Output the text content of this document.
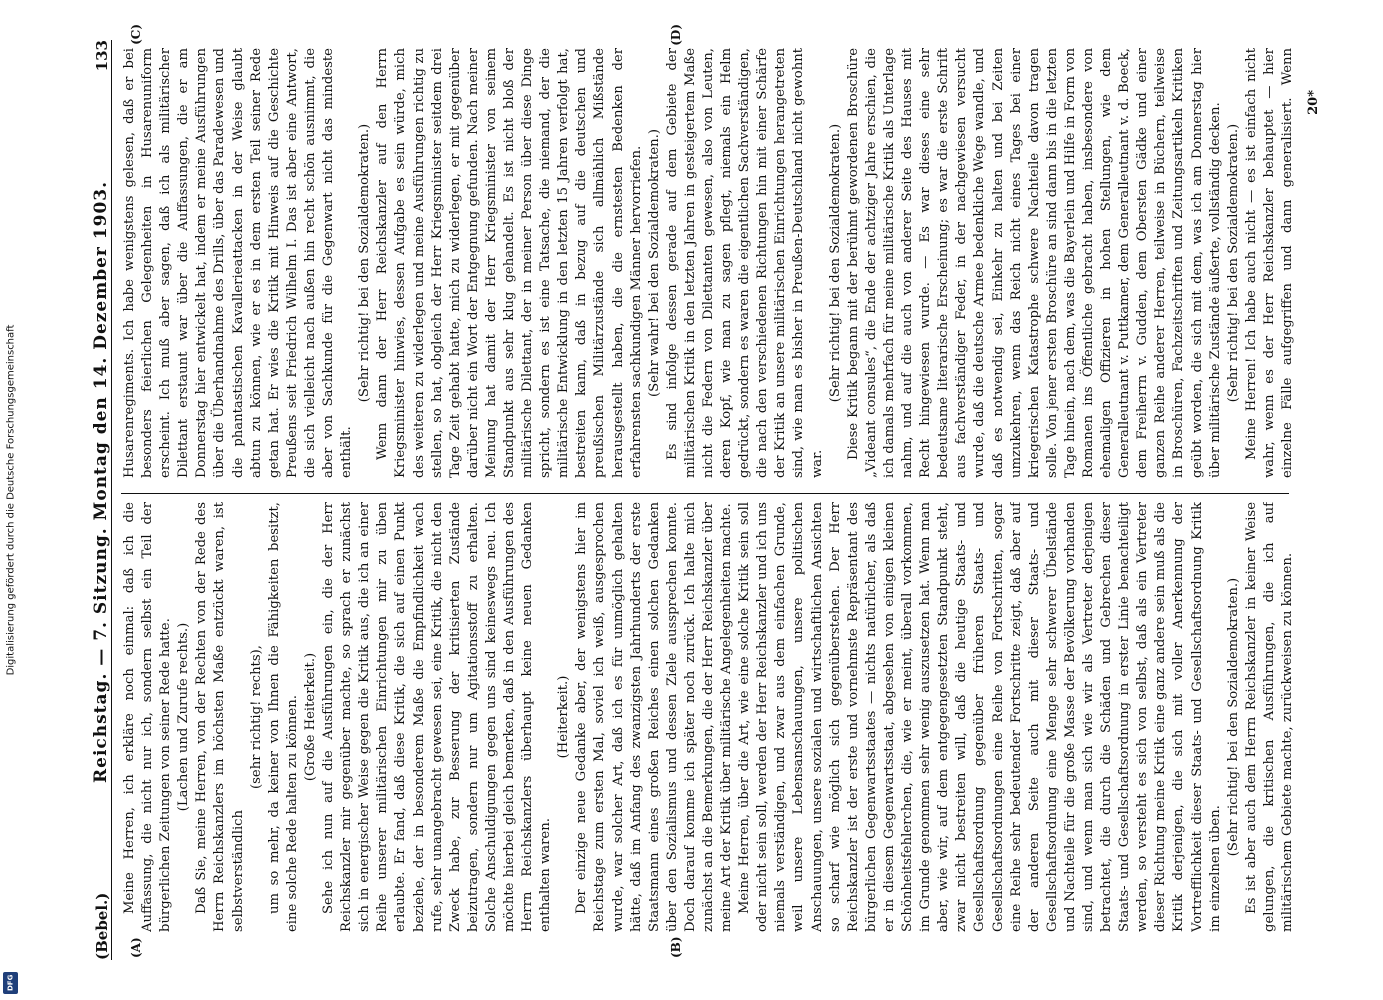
Digitalisierung gefördert durch die Deutsche Forschungsgemeinschaft
DFG
(Bebel.)
Reichstag. — 7. Sitzung. Montag den 14. Dezember 1903.
133
(A)	(B)
(C)	(D)

Meine Herren, ich erkläre noch einmal: daß ich die Auffassung, die nicht nur ich, sondern selbst ein Teil der bürgerlichen Zeitungen von seiner Rede hatte. (Lachen und Zurufe rechts.) Daß Sie, meine Herren, von der Rechten von der Rede des Herrn Reichskanzlers im höchsten Maße entzückt waren, ist selbstverständlich

(sehr richtig! rechts), um so mehr, da keiner von Ihnen die Fähigkeiten besitzt, eine solche Rede halten zu können. (Große Heiterkeit.) Sehe ich nun auf die Ausführungen ein, die der Herr Reichskanzler mir gegenüber machte, so sprach er zunächst sich in energischer Weise gegen die Kritik aus, die ich an einer Reihe unserer militärischen Einrichtungen mir zu üben erlaubte. Er fand, daß diese Kritik, die sich auf einen Punkt beziehe, der in besonderem Maße die Empfindlichkeit wach rufe, sehr unangebracht gewesen sei, eine Kritik, die nicht den Zweck habe, zur Besserung der kritisierten Zustände beizutragen, sondern nur um Agitationsstoff zu erhalten. Solche Anschuldigungen gegen uns sind keineswegs neu. Ich möchte hierbei gleich bemerken, daß in den Ausführungen des Herrn Reichskanzlers überhaupt keine neuen Gedanken enthalten waren.

(Heiterkeit.) Der einzige neue Gedanke aber, der wenigstens hier im Reichstage zum ersten Mal, soviel ich weiß, ausgesprochen wurde, war solcher Art, daß ich es für unmöglich gehalten hätte, daß im Anfang des zwanzigsten Jahrhunderts der erste Staatsmann eines großen Reiches einen solchen Gedanken über den Sozialismus und dessen Ziele aussprechen konnte. Doch darauf komme ich später noch zurück. Ich halte mich zunächst an die Bemerkungen, die der Herr Reichskanzler über meine Art der Kritik über militärische Angelegenheiten machte. Meine Herren, über die Art, wie eine solche Kritik sein soll oder nicht sein soll, werden der Herr Reichskanzler und ich uns niemals verständigen, und zwar aus dem einfachen Grunde, weil unsere Lebensanschauungen, unsere politischen Anschauungen, unsere sozialen und wirtschaftlichen Ansichten so scharf wie möglich sich gegenüberstehen. Der Herr Reichskanzler ist der erste und vornehmste Repräsentant des bürgerlichen Gegenwartsstaates — nichts natürlicher, als daß er in diesem Gegenwartsstaat, abgesehen von einigen kleinen Schönheitsfehlerchen, die, wie er meint, überall vorkommen, im Grunde genommen sehr wenig auszusetzen hat. Wenn man aber, wie wir, auf dem entgegengesetzten Standpunkt steht, zwar nicht bestreiten will, daß die heutige Staats- und Gesellschaftsordnung gegenüber früheren Staats- und Gesellschaftsordnungen eine Reihe von Fortschritten, sogar eine Reihe sehr bedeutender Fortschritte zeigt, daß aber auf der anderen Seite auch mit dieser Staats- und Gesellschaftsordnung eine Menge sehr schwerer Übelstände und Nachteile für die große Masse der Bevölkerung vorhanden sind, und wenn man sich wie wir als Vertreter derjenigen betrachtet, die durch die Schäden und Gebrechen dieser Staats- und Gesellschaftsordnung in erster Linie benachteiligt werden, so versteht es sich von selbst, daß als ein Vertreter dieser Richtung meine Kritik eine ganz andere sein muß als die Kritik derjenigen, die sich mit voller Anerkennung der Vortrefflichkeit dieser Staats- und Gesellschaftsordnung Kritik im einzelnen üben.

(Sehr richtig! bei den Sozialdemokraten.) Es ist aber auch dem Herrn Reichskanzler in keiner Weise gelungen, die kritischen Ausführungen, die ich auf militärischem Gebiete machte, zurückweisen zu können.

Husarenregiments. Ich habe wenigstens gelesen, daß er bei besonders feierlichen Gelegenheiten in Husarenuniform erscheint. Ich muß aber sagen, daß ich als militärischer Dilettant erstaunt war über die Auffassungen, die er am Donnerstag hier entwickelt hat, indem er meine Ausführungen über die Überhandnahme des Drills, über das Paradewesen und die phantastischen Kavallerieattacken in der Weise glaubt abtun zu können, wie er es in dem ersten Teil seiner Rede getan hat. Er wies die Kritik mit Hinweis auf die Geschichte Preußens seit Friedrich Wilhelm I. Das ist aber eine Antwort, die sich vielleicht nach außen hin recht schön ausnimmt, die aber von Sachkunde für die Gegenwart nicht das mindeste enthält.

(Sehr richtig! bei den Sozialdemokraten.) Wenn dann der Herr Reichskanzler auf den Herrn Kriegsminister hinwies, dessen Aufgabe es sein würde, mich des weiteren zu widerlegen und meine Ausführungen richtig zu stellen, so hat, obgleich der Herr Kriegsminister seitdem drei Tage Zeit gehabt hatte, mich zu widerlegen, er mit gegenüber darüber nicht ein Wort der Entgegnung gefunden. Nach meiner Meinung hat damit der Herr Kriegsminister von seinem Standpunkt aus sehr klug gehandelt. Es ist nicht bloß der militärische Dilettant, der in meiner Person über diese Dinge spricht, sondern es ist eine Tatsache, die niemand, der die militärische Entwicklung in den letzten 15 Jahren verfolgt hat, bestreiten kann, daß in bezug auf die deutschen und preußischen Militärzustände sich allmählich Mißstände herausgestellt haben, die die ernstesten Bedenken der erfahrensten sachkundigen Männer hervorriefen. (Sehr wahr! bei den Sozialdemokraten.) Es sind infolge dessen gerade auf dem Gebiete der militärischen Kritik in den letzten Jahren in gesteigertem Maße nicht die Federn von Dilettanten gewesen, also von Leuten, deren Kopf, wie man zu sagen pflegt, niemals ein Helm gedrückt, sondern es waren die eigentlichen Sachverständigen, die nach den verschiedenen Richtungen hin mit einer Schärfe der Kritik an unsere militärischen Einrichtungen herangetreten sind, wie man es bisher in Preußen-Deutschland nicht gewohnt war.

(Sehr richtig! bei den Sozialdemokraten.) Diese Kritik begann mit der berühmt gewordenen Broschüre „Videant consules“, die Ende der achtziger Jahre erschien, die ich damals mehrfach für meine militärische Kritik als Unterlage nahm, und auf die auch von anderer Seite des Hauses mit Recht hingewiesen wurde. — Es war dieses eine sehr bedeutsame literarische Erscheinung; es war die erste Schrift aus fachverständiger Feder, in der nachgewiesen versucht wurde, daß die deutsche Armee bedenkliche Wege wandle, und daß es notwendig sei, Einkehr zu halten und bei Zeiten umzukehren, wenn das Reich nicht eines Tages bei einer kriegerischen Katastrophe schwere Nachteile davon tragen solle. Von jener ersten Broschüre an sind dann bis in die letzten Tage hinein, nach dem, was die Bayerlein und Hilfe in Form von Romanen ins Öffentliche gebracht haben, insbesondere von ehemaligen Offizieren in hohen Stellungen, wie dem Generalleutnant v. Puttkamer, dem Generalleutnant v. d. Boeck, dem Freiherrn v. Gudden, dem Obersten Gädke und einer ganzen Reihe anderer Herren, teilweise in Büchern, teilweise in Broschüren, Fachzeitschriften und Zeitungsartikeln Kritiken geübt worden, die sich mit dem, was ich am Donnerstag hier über militärische Zustände äußerte, vollständig decken. (Sehr richtig! bei den Sozialdemokraten.)

Meine Herren! Ich habe auch nicht — es ist einfach nicht wahr, wenn es der Herr Reichskanzler behauptet — hier einzelne Fälle aufgegriffen und dann generalisiert. Wenn

20*
